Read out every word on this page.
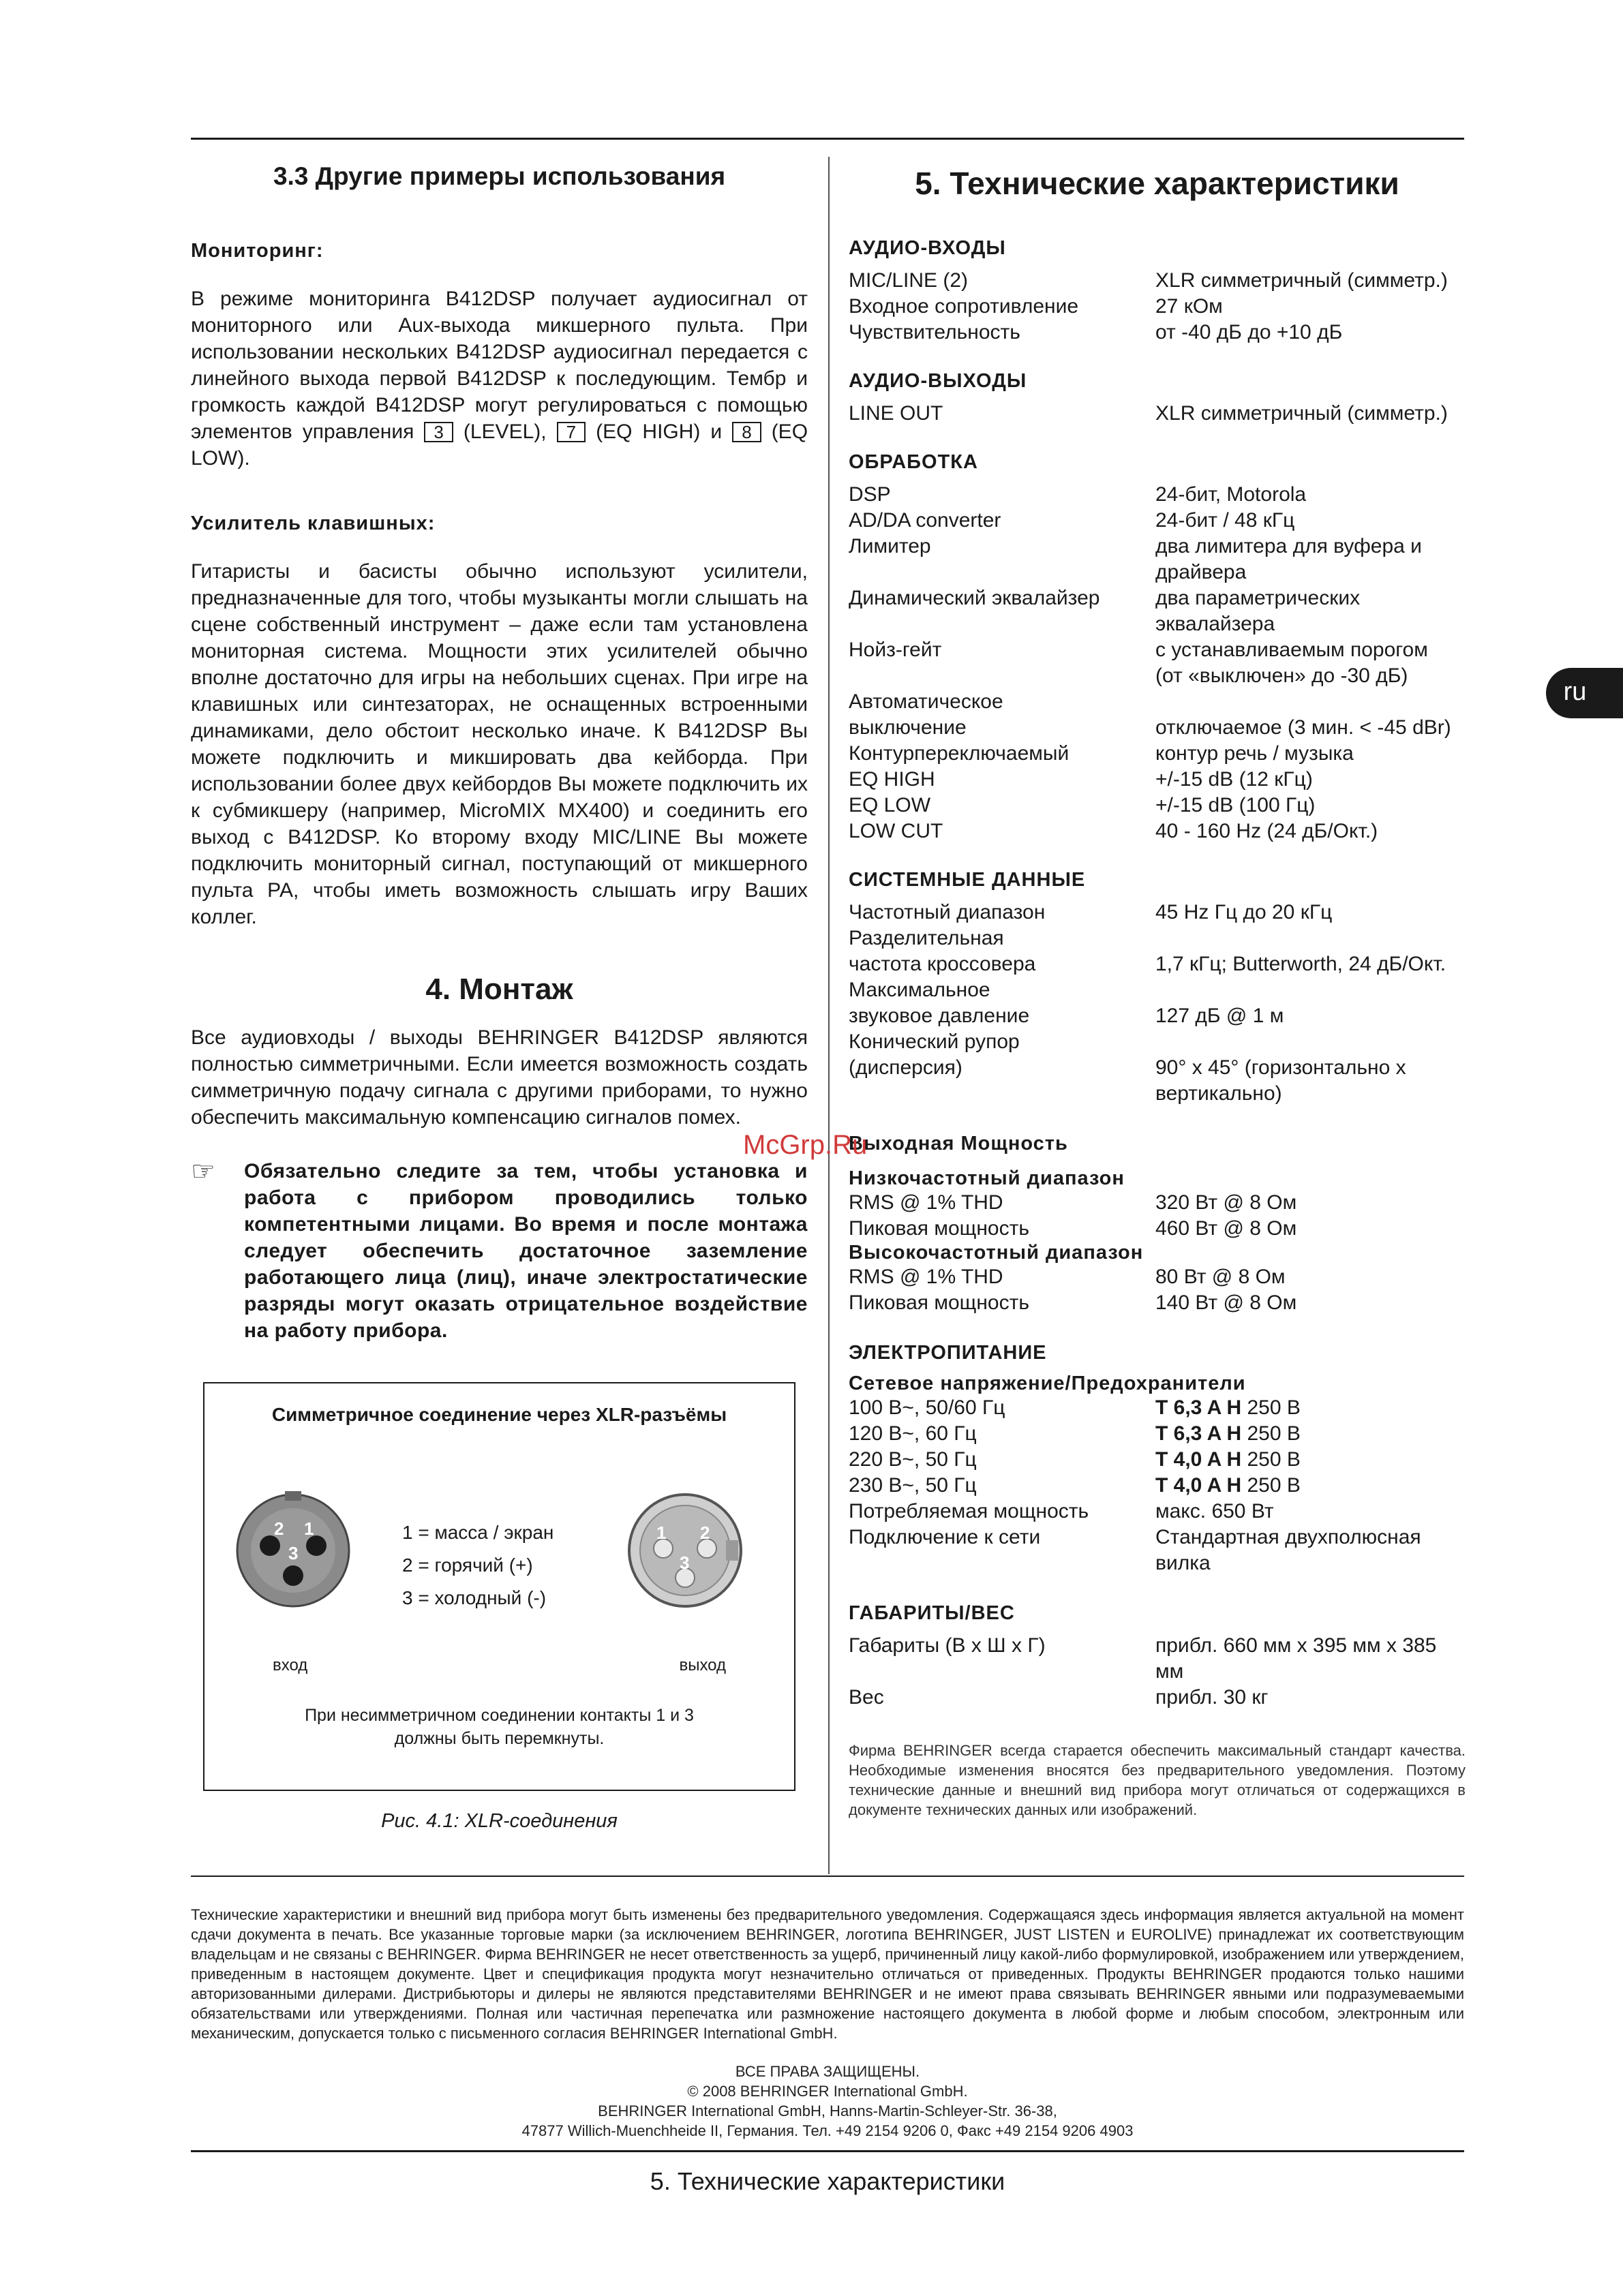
3.3 Другие примеры использования
Мониторинг:
В режиме мониторинга B412DSP получает аудиосигнал от мониторного или Aux-выхода микшерного пульта. При использовании нескольких B412DSP аудиосигнал передается с линейного выхода первой B412DSP к последующим. Тембр и громкость каждой B412DSP могут регулироваться с помощью элементов управления 3 (LEVEL), 7 (EQ HIGH) и 8 (EQ LOW).
Усилитель клавишных:
Гитаристы и басисты обычно используют усилители, предназначенные для того, чтобы музыканты могли слышать на сцене собственный инструмент – даже если там установлена мониторная система. Мощности этих усилителей обычно вполне достаточно для игры на небольших сценах. При игре на клавишных или синтезаторах, не оснащенных встроенными динамиками, дело обстоит несколько иначе. К B412DSP Вы можете подключить и микшировать два кейборда. При использовании более двух кейбордов Вы можете подключить их к субмикшеру (например, MicroMIX MX400) и соединить его выход с B412DSP. Ко второму входу MIC/LINE Вы можете подключить мониторный сигнал, поступающий от микшерного пульта PA, чтобы иметь возможность слышать игру Ваших коллег.
4. Монтаж
Все аудиовходы / выходы BEHRINGER B412DSP являются полностью симметричными. Если имеется возможность создать симметричную подачу сигнала с другими приборами, то нужно обеспечить максимальную компенсацию сигналов помех.
☞	Обязательно следите за тем, чтобы установка и работа с прибором проводились только компетентными лицами. Во время и после монтажа следует обеспечить достаточное заземление работающего лица (лиц), иначе электростатические разряды могут оказать отрицательное воздействие на работу прибора.
Симметричное соединение через XLR-разъёмы
2 1
3
1 = масса / экран
2 = горячий (+)
3 = холодный (-)
1 2
3
вход	выход
При несимметричном соединении контакты 1 и 3
должны быть перемкнуты.
Рис. 4.1: XLR-соединения
5. Технические характеристики
АУДИО-ВХОДЫ
MIC/LINE (2)	XLR симметричный (симметр.)
Входное сопротивление	27 кОм
Чувствительность	от -40 дБ до +10 дБ
АУДИО-ВЫХОДЫ
LINE OUT	XLR симметричный (симметр.)
ОБРАБОТКА
DSP	24-бит, Motorola
AD/DA converter	24-бит / 48 кГц
Лимитер	два лимитера для вуфера и
драйвера
Динамический эквалайзер	два параметрических
эквалайзера
Нойз-гейт	с устанавливаемым порогом
(от «выключен» до -30 дБ)
Автоматическое
выключение	отключаемое (3 мин. < -45 dBr)
Контурпереключаемый	контур речь / музыка
EQ HIGH	+/-15 dB (12 кГц)
EQ LOW	+/-15 dB (100 Гц)
LOW CUT	40 - 160 Hz (24 дБ/Окт.)
СИСТЕМНЫЕ ДАННЫЕ
Частотный диапазон	45 Hz Гц до 20 кГц
Разделительная
частота кроссовера	1,7 кГц; Butterworth, 24 дБ/Окт.
Максимальное
звуковое давление	127 дБ @ 1 м
Конический рупор
(дисперсия)	90° x 45° (горизонтально x
вертикально)
Выходная Мощность
Низкочастотный диапазон
RMS @ 1% THD	320 Вт @ 8 Ом
Пиковая мощность	460 Вт @ 8 Ом
Высокочастотный диапазон
RMS @ 1% THD	80 Вт @ 8 Ом
Пиковая мощность	140 Вт @ 8 Ом
ЭЛЕКТРОПИТАНИЕ
Сетевое напряжение/Предохранители
100 В~, 50/60 Гц	T 6,3 A H 250 В
120 В~, 60 Гц	T 6,3 A H 250 В
220 В~, 50 Гц	T 4,0 A H 250 В
230 В~, 50 Гц	T 4,0 A H 250 В
Потребляемая мощность	макс. 650 Вт
Подключение к сети	Стандартная двухполюсная
вилка
ГАБАРИТЫ/ВЕС
Габариты (В х Ш х Г)	прибл. 660 мм x 395 мм x 385 мм
Вес	прибл. 30 кг
Фирма BEHRINGER всегда старается обеспечить максимальный стандарт качества. Необходимые изменения вносятся без предварительного уведомления. Поэтому технические данные и внешний вид прибора могут отличаться от содержащихся в документе технических данных или изображений.
ru
McGrp.Ru
Технические характеристики и внешний вид прибора могут быть изменены без предварительного уведомления. Содержащаяся здесь информация является актуальной на момент сдачи документа в печать. Все указанные торговые марки (за исключением BEHRINGER, логотипа BEHRINGER, JUST LISTEN и EUROLIVE) принадлежат их соответствующим владельцам и не связаны с BEHRINGER. Фирма BEHRINGER не несет ответственность за ущерб, причиненный лицу какой-либо формулировкой, изображением или утверждением, приведенным в настоящем документе. Цвет и спецификация продукта могут незначительно отличаться от приведенных. Продукты BEHRINGER продаются только нашими авторизованными дилерами. Дистрибьюторы и дилеры не являются представителями BEHRINGER и не имеют права связывать BEHRINGER явными или подразумеваемыми обязательствами или утверждениями. Полная или частичная перепечатка или размножение настоящего документа в любой форме и любым способом, электронным или механическим, допускается только с письменного согласия BEHRINGER International GmbH.
ВСЕ ПРАВА ЗАЩИЩЕНЫ.
© 2008 BEHRINGER International GmbH.
BEHRINGER International GmbH, Hanns-Martin-Schleyer-Str. 36-38,
47877 Willich-Muenchheide II, Германия. Тел. +49 2154 9206 0, Факс +49 2154 9206 4903
5. Технические характеристики
